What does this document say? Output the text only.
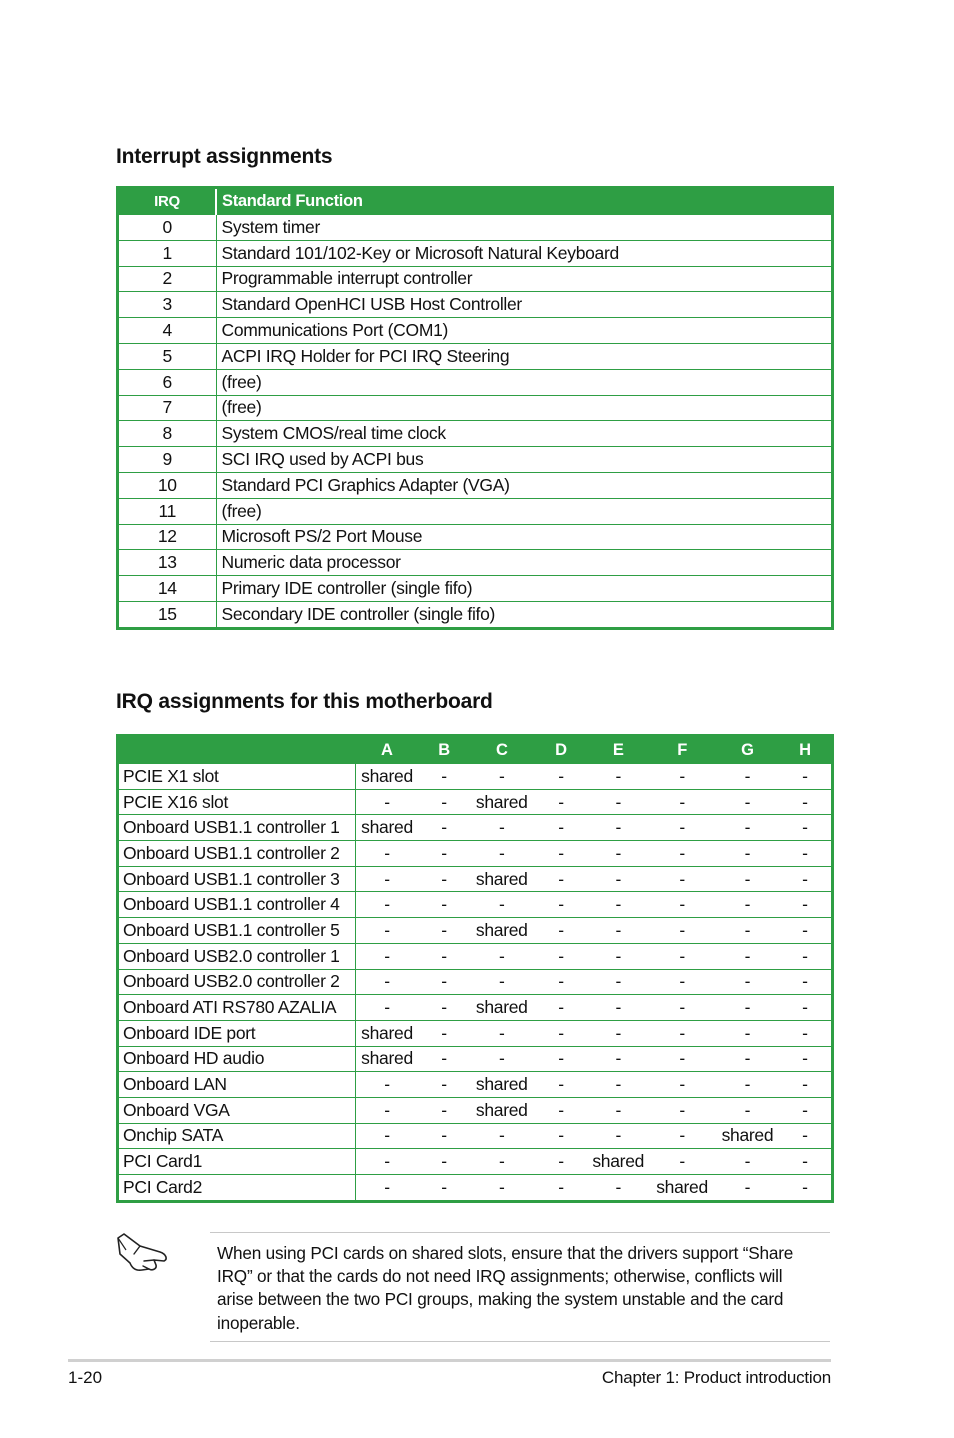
Interrupt assignments
IRQ	Standard Function
0	System timer
1	Standard 101/102-Key or Microsoft Natural Keyboard
2	Programmable interrupt controller
3	Standard OpenHCI USB Host Controller
4	Communications Port (COM1)
5	ACPI IRQ Holder for PCI IRQ Steering
6	(free)
7	(free)
8	System CMOS/real time clock
9	SCI IRQ used by ACPI bus
10	Standard PCI Graphics Adapter (VGA)
11	(free)
12	Microsoft PS/2 Port Mouse
13	Numeric data processor
14	Primary IDE controller (single fifo)
15	Secondary IDE controller (single fifo)
IRQ assignments for this motherboard
	A	B	C	D	E	F	G	H
PCIE X1 slot	shared	-	-	-	-	-	-	-
PCIE X16 slot	-	-	shared	-	-	-	-	-
Onboard USB1.1 controller 1	shared	-	-	-	-	-	-	-
Onboard USB1.1 controller 2	-	-	-	-	-	-	-	-
Onboard USB1.1 controller 3	-	-	shared	-	-	-	-	-
Onboard USB1.1 controller 4	-	-	-	-	-	-	-	-
Onboard USB1.1 controller 5	-	-	shared	-	-	-	-	-
Onboard USB2.0 controller 1	-	-	-	-	-	-	-	-
Onboard USB2.0 controller 2	-	-	-	-	-	-	-	-
Onboard ATI RS780 AZALIA	-	-	shared	-	-	-	-	-
Onboard IDE port	shared	-	-	-	-	-	-	-
Onboard HD audio	shared	-	-	-	-	-	-	-
Onboard LAN	-	-	shared	-	-	-	-	-
Onboard VGA	-	-	shared	-	-	-	-	-
Onchip SATA	-	-	-	-	-	-	shared	-
PCI Card1	-	-	-	-	shared	-	-	-
PCI Card2	-	-	-	-	-	shared	-	-

When using PCI cards on shared slots, ensure that the drivers support “Share IRQ” or that the cards do not need IRQ assignments; otherwise, conflicts will arise between the two PCI groups, making the system unstable and the card inoperable.

1-20	Chapter 1: Product introduction
